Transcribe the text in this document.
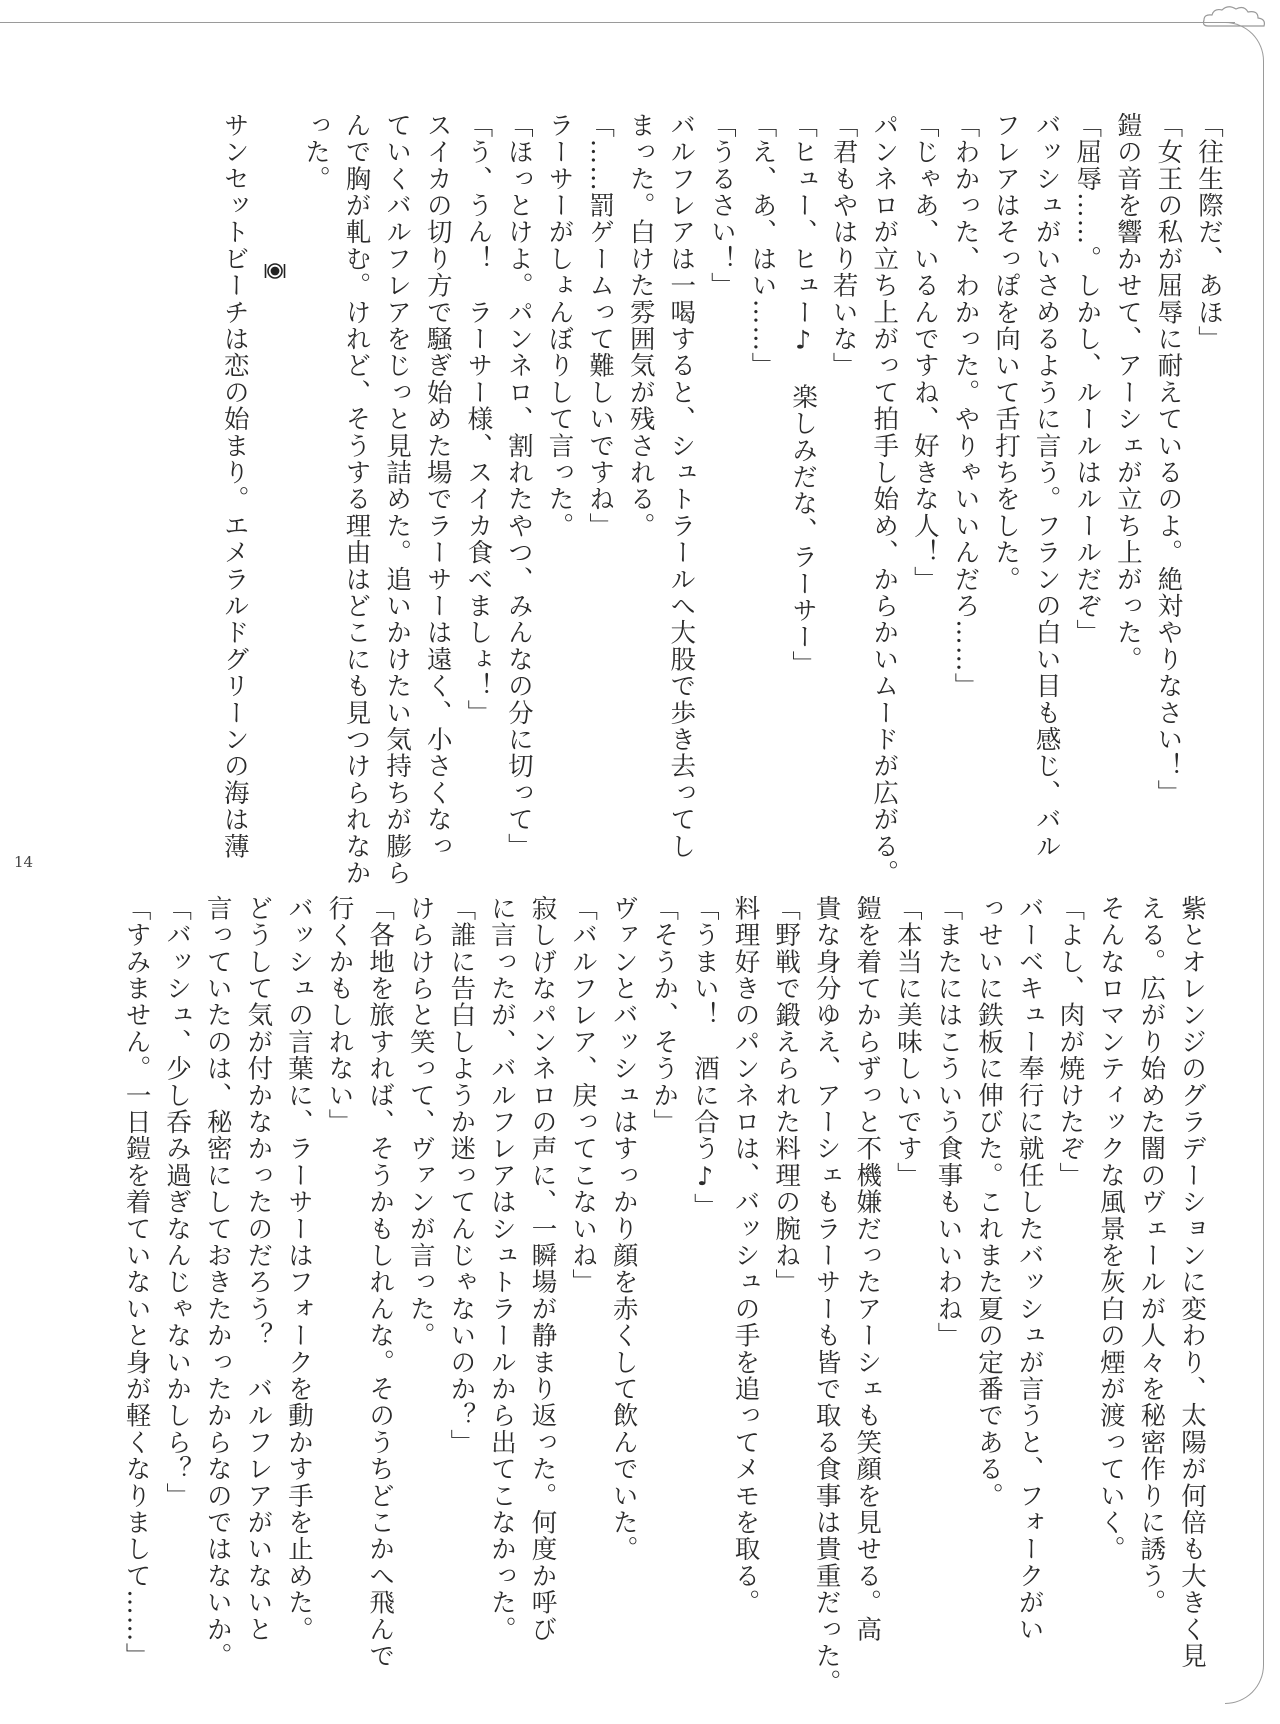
14
「往生際だ、あほ」
「女王の私が屈辱に耐えているのよ。絶対やりなさい！」
鎧の音を響かせて、アーシェが立ち上がった。
「屈辱……。しかし、ルールはルールだぞ」
バッシュがいさめるように言う。フランの白い目も感じ、バル
フレアはそっぽを向いて舌打ちをした。
「わかった、わかった。やりゃいいんだろ……」
「じゃあ、いるんですね、好きな人！」
パンネロが立ち上がって拍手し始め、からかいムードが広がる。
「君もやはり若いな」
「ヒュー、ヒュー♪　楽しみだな、ラーサー」
「え、あ、はい……」
「うるさい！」
バルフレアは一喝すると、シュトラールへ大股で歩き去ってし
まった。白けた雰囲気が残される。
「……罰ゲームって難しいですね」
ラーサーがしょんぼりして言った。
「ほっとけよ。パンネロ、割れたやつ、みんなの分に切って」
「う、うん！　ラーサー様、スイカ食べましょ！」
スイカの切り方で騒ぎ始めた場でラーサーは遠く、小さくなっ
ていくバルフレアをじっと見詰めた。追いかけたい気持ちが膨ら
んで胸が軋む。けれど、そうする理由はどこにも見つけられなか
った。
サンセットビーチは恋の始まり。エメラルドグリーンの海は薄
紫とオレンジのグラデーションに変わり、太陽が何倍も大きく見
える。広がり始めた闇のヴェールが人々を秘密作りに誘う。
そんなロマンティックな風景を灰白の煙が渡っていく。
「よし、肉が焼けたぞ」
バーベキュー奉行に就任したバッシュが言うと、フォークがい
っせいに鉄板に伸びた。これまた夏の定番である。
「またにはこういう食事もいいわね」
「本当に美味しいです」
鎧を着てからずっと不機嫌だったアーシェも笑顔を見せる。高
貴な身分ゆえ、アーシェもラーサーも皆で取る食事は貴重だった。
「野戦で鍛えられた料理の腕ね」
料理好きのパンネロは、バッシュの手を追ってメモを取る。
「うまい！　酒に合う♪」
「そうか、そうか」
ヴァンとバッシュはすっかり顔を赤くして飲んでいた。
「バルフレア、戻ってこないね」
寂しげなパンネロの声に、一瞬場が静まり返った。何度か呼び
に言ったが、バルフレアはシュトラールから出てこなかった。
「誰に告白しようか迷ってんじゃないのか？」
けらけらと笑って、ヴァンが言った。
「各地を旅すれば、そうかもしれんな。そのうちどこかへ飛んで
行くかもしれない」
バッシュの言葉に、ラーサーはフォークを動かす手を止めた。
どうして気が付かなかったのだろう？　バルフレアがいないと
言っていたのは、秘密にしておきたかったからなのではないか。
「バッシュ、少し呑み過ぎなんじゃないかしら？」
「すみません。一日鎧を着ていないと身が軽くなりまして……」
